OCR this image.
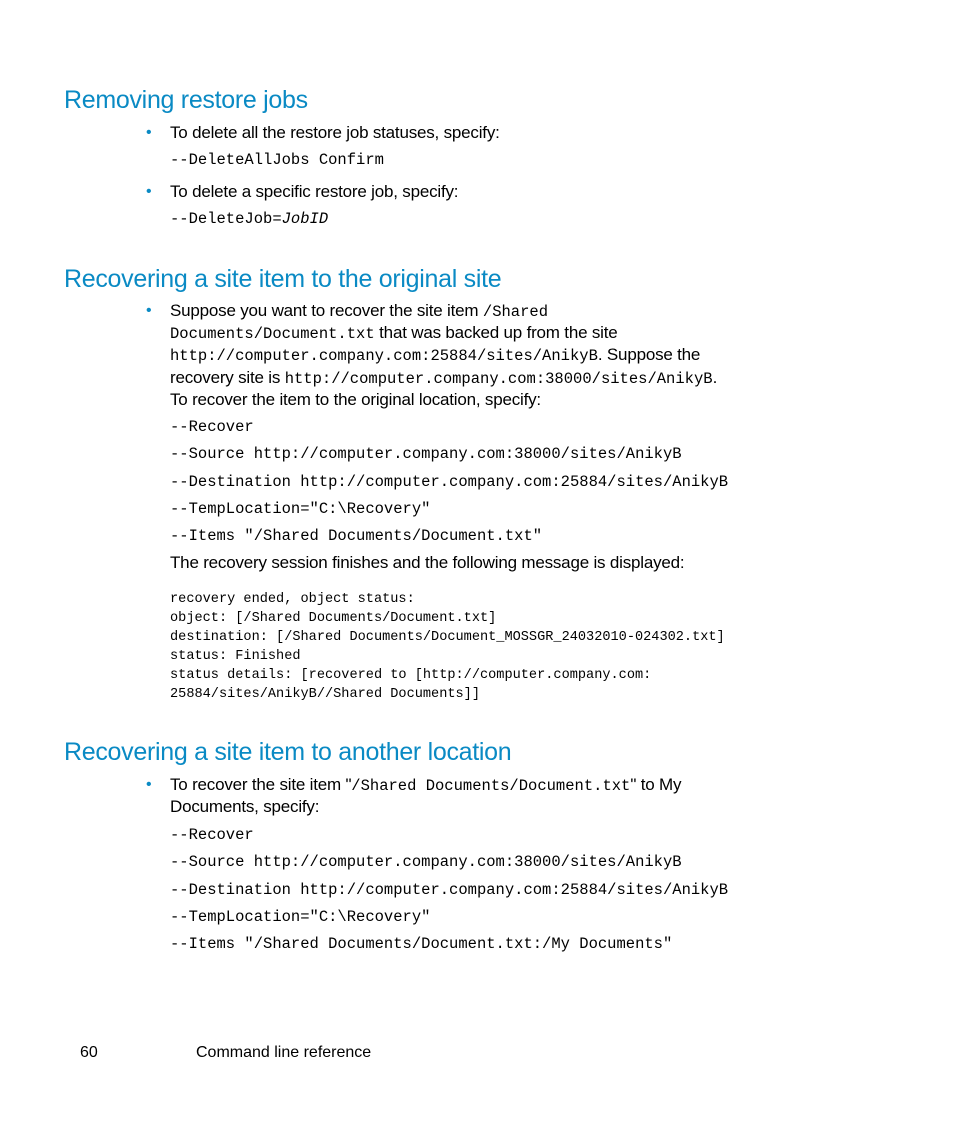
Removing restore jobs
• To delete all the restore job statuses, specify:
--DeleteAllJobs Confirm
• To delete a specific restore job, specify:
--DeleteJob=JobID
Recovering a site item to the original site
• Suppose you want to recover the site item /Shared
Documents/Document.txt that was backed up from the site
http://computer.company.com:25884/sites/AnikyB. Suppose the
recovery site is http://computer.company.com:38000/sites/AnikyB.
To recover the item to the original location, specify:
--Recover
--Source http://computer.company.com:38000/sites/AnikyB
--Destination http://computer.company.com:25884/sites/AnikyB
--TempLocation="C:\Recovery"
--Items "/Shared Documents/Document.txt"
The recovery session finishes and the following message is displayed:
recovery ended, object status:
object: [/Shared Documents/Document.txt]
destination: [/Shared Documents/Document_MOSSGR_24032010-024302.txt]
status: Finished
status details: [recovered to [http://computer.company.com:
25884/sites/AnikyB//Shared Documents]]
Recovering a site item to another location
• To recover the site item "/Shared Documents/Document.txt" to My
Documents, specify:
--Recover
--Source http://computer.company.com:38000/sites/AnikyB
--Destination http://computer.company.com:25884/sites/AnikyB
--TempLocation="C:\Recovery"
--Items "/Shared Documents/Document.txt:/My Documents"
60	Command line reference
